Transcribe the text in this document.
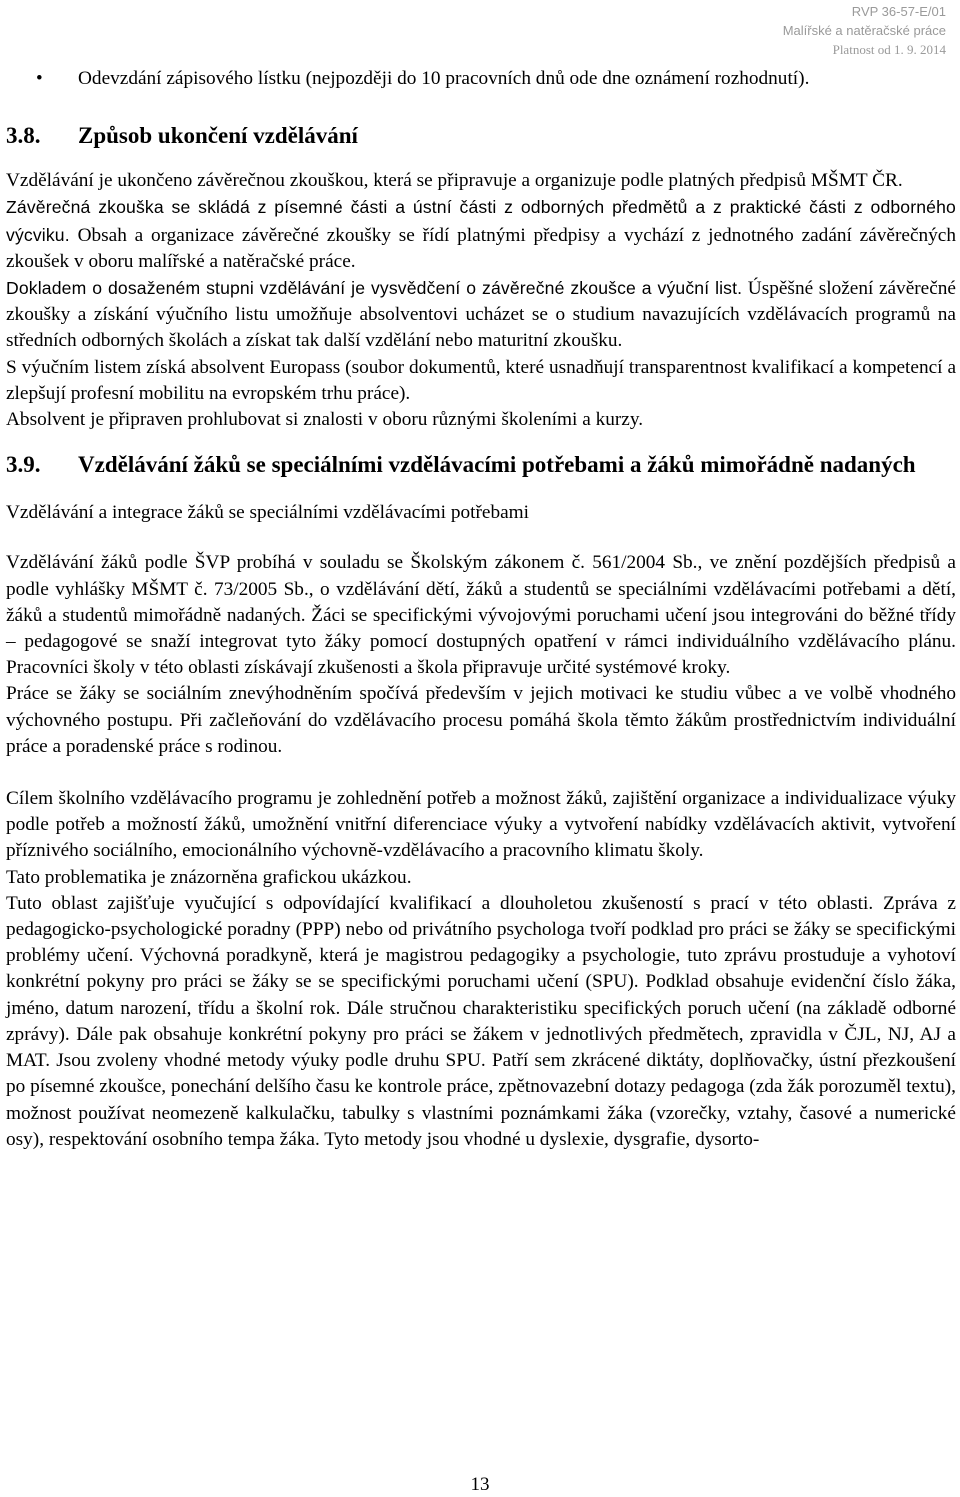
RVP 36-57-E/01
Malířské a natěračské práce
Platnost od 1. 9. 2014
• Odevzdání zápisového lístku (nejpozději do 10 pracovních dnů ode dne oznámení rozhodnutí).
3.8.	Způsob ukončení vzdělávání

Vzdělávání je ukončeno závěrečnou zkouškou, která se připravuje a organizuje podle platných předpisů MŠMT ČR.

Závěrečná zkouška se skládá z písemné části a ústní části z odborných předmětů a z praktické části z odborného výcviku. Obsah a organizace závěrečné zkoušky se řídí platnými předpisy a vychází z jednotného zadání závěrečných zkoušek v oboru malířské a natěračské práce.

Dokladem o dosaženém stupni vzdělávání je vysvědčení o závěrečné zkoušce a výuční list. Úspěšné složení závěrečné zkoušky a získání výučního listu umožňuje absolventovi ucházet se o studium navazujících vzdělávacích programů na středních odborných školách a získat tak další vzdělání nebo maturitní zkoušku.

S výučním listem získá absolvent Europass (soubor dokumentů, které usnadňují transparentnost kvalifikací a kompetencí a zlepšují profesní mobilitu na evropském trhu práce).

Absolvent je připraven prohlubovat si znalosti v oboru různými školeními a kurzy.

3.9.	Vzdělávání žáků se speciálními vzdělávacími potřebami a žáků mimořádně nadaných

Vzdělávání a integrace žáků se speciálními vzdělávacími potřebami

Vzdělávání žáků podle ŠVP probíhá v souladu se Školským zákonem č. 561/2004 Sb., ve znění pozdějších předpisů a podle vyhlášky MŠMT č. 73/2005 Sb., o vzdělávání dětí, žáků a studentů se speciálními vzdělávacími potřebami a dětí, žáků a studentů mimořádně nadaných. Žáci se specifickými vývojovými poruchami učení jsou integrováni do běžné třídy – pedagogové se snaží integrovat tyto žáky pomocí dostupných opatření v rámci individuálního vzdělávacího plánu. Pracovníci školy v této oblasti získávají zkušenosti a škola připravuje určité systémové kroky.

Práce se žáky se sociálním znevýhodněním spočívá především v jejich motivaci ke studiu vůbec a ve volbě vhodného výchovného postupu. Při začleňování do vzdělávacího procesu pomáhá škola těmto žákům prostřednictvím individuální práce a poradenské práce s rodinou.

Cílem školního vzdělávacího programu je zohlednění potřeb a možnost žáků, zajištění organizace a individualizace výuky podle potřeb a možností žáků, umožnění vnitřní diferenciace výuky a vytvoření nabídky vzdělávacích aktivit, vytvoření příznivého sociálního, emocionálního výchovně-vzdělávacího a pracovního klimatu školy.

Tato problematika je znázorněna grafickou ukázkou.

Tuto oblast zajišťuje vyučující s odpovídající kvalifikací a dlouholetou zkušeností s prací v této oblasti. Zpráva z pedagogicko-psychologické poradny (PPP) nebo od privátního psychologa tvoří podklad pro práci se žáky se specifickými problémy učení. Výchovná poradkyně, která je magistrou pedagogiky a psychologie, tuto zprávu prostuduje a vyhotoví konkrétní pokyny pro práci se žáky se se specifickými poruchami učení (SPU). Podklad obsahuje evidenční číslo žáka, jméno, datum narození, třídu a školní rok. Dále stručnou charakteristiku specifických poruch učení (na základě odborné zprávy). Dále pak obsahuje konkrétní pokyny pro práci se žákem v jednotlivých předmětech, zpravidla v ČJL, NJ, AJ a MAT. Jsou zvoleny vhodné metody výuky podle druhu SPU. Patří sem zkrácené diktáty, doplňovačky, ústní přezkoušení po písemné zkoušce, ponechání delšího času ke kontrole práce, zpětnovazební dotazy pedagoga (zda žák porozuměl textu), možnost používat neomezeně kalkulačku, tabulky s vlastními poznámkami žáka (vzorečky, vztahy, časové a numerické osy), respektování osobního tempa žáka. Tyto metody jsou vhodné u dyslexie, dysgrafie, dysorto-

13
